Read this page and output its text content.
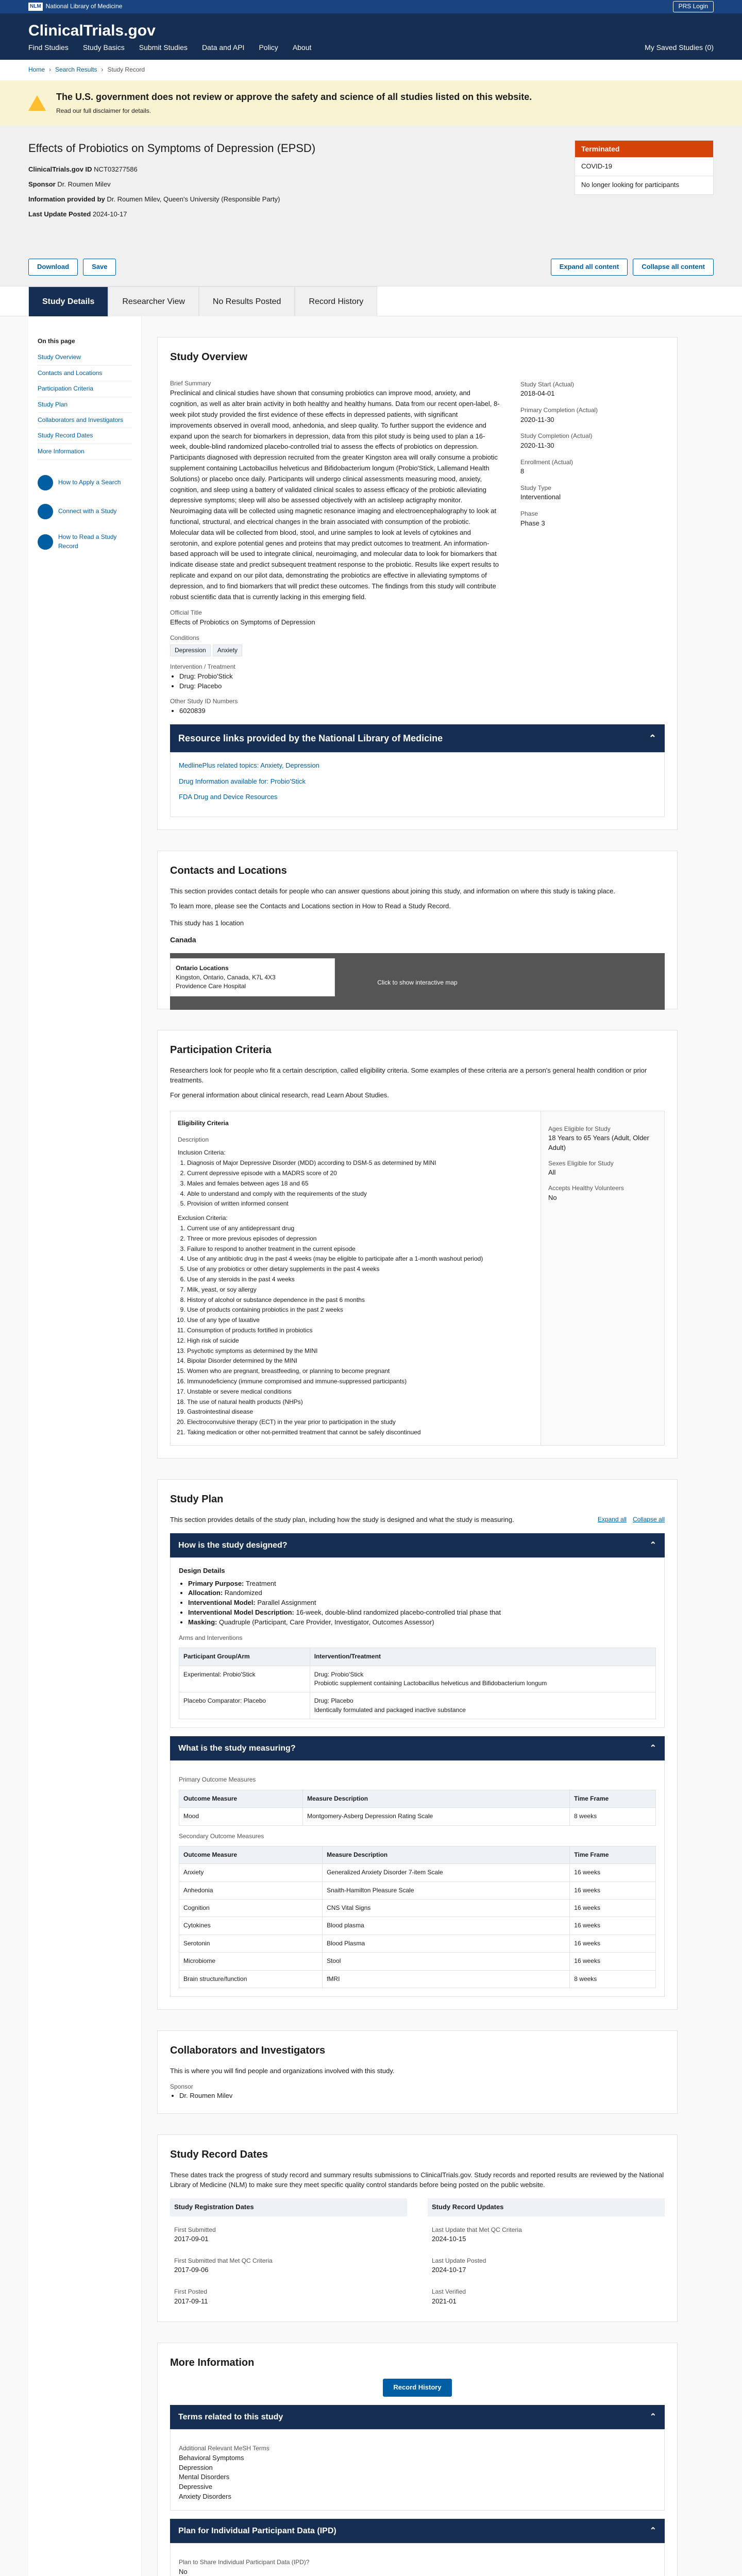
NLM National Library of Medicine	PRS Login
ClinicalTrials.gov
Find Studies Study Basics Submit Studies Data and API Policy About	My Saved Studies (0)
Home › Search Results › Study Record
The U.S. government does not review or approve the safety and science of all studies listed on this website.

Read our full disclaimer for details.

Effects of Probiotics on Symptoms of Depression (EPSD)
ClinicalTrials.gov ID NCT03277586
Sponsor Dr. Roumen Milev
Information provided by Dr. Roumen Milev, Queen's University (Responsible Party)
Last Update Posted 2024-10-17
Terminated
COVID-19
No longer looking for participants
Download	Save	Expand all content	Collapse all content
Study Details	Researcher View	No Results Posted	Record History
On this page
Study Overview
Contacts and Locations
Participation Criteria
Study Plan
Collaborators and Investigators
Study Record Dates
More Information
How to Apply a Search
Connect with a Study
How to Read a Study Record
Study Overview
Brief Summary
Preclinical and clinical studies have shown that consuming probiotics can improve mood, anxiety, and cognition, as well as alter brain activity in both healthy and healthy humans. Data from our recent open-label, 8-week pilot study provided the first evidence of these effects in depressed patients, with significant improvements observed in overall mood, anhedonia, and sleep quality. To further support the evidence and expand upon the search for biomarkers in depression, data from this pilot study is being used to plan a 16-week, double-blind randomized placebo-controlled trial to assess the effects of probiotics on depression. Participants diagnosed with depression recruited from the greater Kingston area will orally consume a probiotic supplement containing Lactobacillus helveticus and Bifidobacterium longum (Probio'Stick, Lallemand Health Solutions) or placebo once daily. Participants will undergo clinical assessments measuring mood, anxiety, cognition, and sleep using a battery of validated clinical scales to assess efficacy of the probiotic alleviating depressive symptoms; sleep will also be assessed objectively with an actisleep actigraphy monitor. Neuroimaging data will be collected using magnetic resonance imaging and electroencephalography to look at functional, structural, and electrical changes in the brain associated with consumption of the probiotic. Molecular data will be collected from blood, stool, and urine samples to look at levels of cytokines and serotonin, and explore potential genes and proteins that may predict outcomes to treatment. An information-based approach will be used to integrate clinical, neuroimaging, and molecular data to look for biomarkers that indicate disease state and predict subsequent treatment response to the probiotic. Results like expert results to replicate and expand on our pilot data, demonstrating the probiotics are effective in alleviating symptoms of depression, and to find biomarkers that will predict these outcomes. The findings from this study will contribute robust scientific data that is currently lacking in this emerging field.
Official Title
Effects of Probiotics on Symptoms of Depression
Conditions
Depression Anxiety
Intervention / Treatment
• Drug: Probio'Stick
• Drug: Placebo
Other Study ID Numbers
• 6020839
Study Start (Actual)
2018-04-01
Primary Completion (Actual)
2020-11-30
Study Completion (Actual)
2020-11-30
Enrollment (Actual)
8
Study Type
Interventional
Phase
Phase 3
Resource links provided by the National Library of Medicine	⌃
MedlinePlus related topics: Anxiety, Depression
Drug Information available for: Probio'Stick
FDA Drug and Device Resources
Contacts and Locations
This section provides contact details for people who can answer questions about joining this study, and information on where this study is taking place.
To learn more, please see the Contacts and Locations section in How to Read a Study Record.
This study has 1 location
Canada
Click to show interactive map
Ontario Locations
Kingston, Ontario, Canada, K7L 4X3
Providence Care Hospital
Participation Criteria
Researchers look for people who fit a certain description, called eligibility criteria. Some examples of these criteria are a person's general health condition or prior treatments.
For general information about clinical research, read Learn About Studies.
Eligibility Criteria
Description
Inclusion Criteria:
1. Diagnosis of Major Depressive Disorder (MDD) according to DSM-5 as determined by MINI
2. Current depressive episode with a MADRS score of 20
3. Males and females between ages 18 and 65
4. Able to understand and comply with the requirements of the study
5. Provision of written informed consent
Exclusion Criteria:
1. Current use of any antidepressant drug
2. Three or more previous episodes of depression
3. Failure to respond to another treatment in the current episode
4. Use of any antibiotic drug in the past 4 weeks (may be eligible to participate after a 1-month washout period)
5. Use of any probiotics or other dietary supplements in the past 4 weeks
6. Use of any steroids in the past 4 weeks
7. Milk, yeast, or soy allergy
8. History of alcohol or substance dependence in the past 6 months
9. Use of products containing probiotics in the past 2 weeks
10. Use of any type of laxative
11. Consumption of products fortified in probiotics
12. High risk of suicide
13. Psychotic symptoms as determined by the MINI
14. Bipolar Disorder determined by the MINI
15. Women who are pregnant, breastfeeding, or planning to become pregnant
16. Immunodeficiency (immune compromised and immune-suppressed participants)
17. Unstable or severe medical conditions
18. The use of natural health products (NHPs)
19. Gastrointestinal disease
20. Electroconvulsive therapy (ECT) in the year prior to participation in the study
21. Taking medication or other not-permitted treatment that cannot be safely discontinued
Ages Eligible for Study
18 Years to 65 Years (Adult, Older Adult)
Sexes Eligible for Study
All
Accepts Healthy Volunteers
No
Study Plan
This section provides details of the study plan, including how the study is designed and what the study is measuring.	Collapse all
Expand all
How is the study designed?	⌃
Design Details
• Primary Purpose: Treatment
• Allocation: Randomized
• Interventional Model: Parallel Assignment
• Interventional Model Description: 16-week, double-blind randomized placebo-controlled trial phase that
• Masking: Quadruple (Participant, Care Provider, Investigator, Outcomes Assessor)
Arms and Interventions
Participant Group/Arm	Intervention/Treatment
Experimental: Probio'Stick	Drug: Probio'Stick
Probiotic supplement containing Lactobacillus helveticus and Bifidobacterium longum

Placebo Comparator: Placebo	Drug: Placebo
Identically formulated and packaged inactive substance
What is the study measuring?	⌃
Primary Outcome Measures
Outcome Measure	Measure Description	Time Frame
Mood	Montgomery-Asberg Depression Rating Scale	8 weeks
Secondary Outcome Measures
Outcome Measure	Measure Description	Time Frame
Anxiety	Generalized Anxiety Disorder 7-item Scale	16 weeks
Anhedonia	Snaith-Hamilton Pleasure Scale	16 weeks
Cognition	CNS Vital Signs	16 weeks
Cytokines	Blood plasma	16 weeks
Serotonin	Blood Plasma	16 weeks
Microbiome	Stool	16 weeks
Brain structure/function	fMRI	8 weeks
Collaborators and Investigators
This is where you will find people and organizations involved with this study.
Sponsor
• Dr. Roumen Milev
Study Record Dates
These dates track the progress of study record and summary results submissions to ClinicalTrials.gov. Study records and reported results are reviewed by the National Library of Medicine (NLM) to make sure they meet specific quality control standards before being posted on the public website.
Study Registration Dates
First Submitted
2017-09-01
First Submitted that Met QC Criteria
2017-09-06
First Posted
2017-09-11
Study Record Updates
Last Update that Met QC Criteria
2024-10-15
Last Update Posted
2024-10-17
Last Verified
2021-01
More Information
Record History
Terms related to this study	⌃
Additional Relevant MeSH Terms
Behavioral Symptoms
Depression
Mental Disorders
Depressive
Anxiety Disorders
Plan for Individual Participant Data (IPD)	⌃
Plan to Share Individual Participant Data (IPD)?
No
